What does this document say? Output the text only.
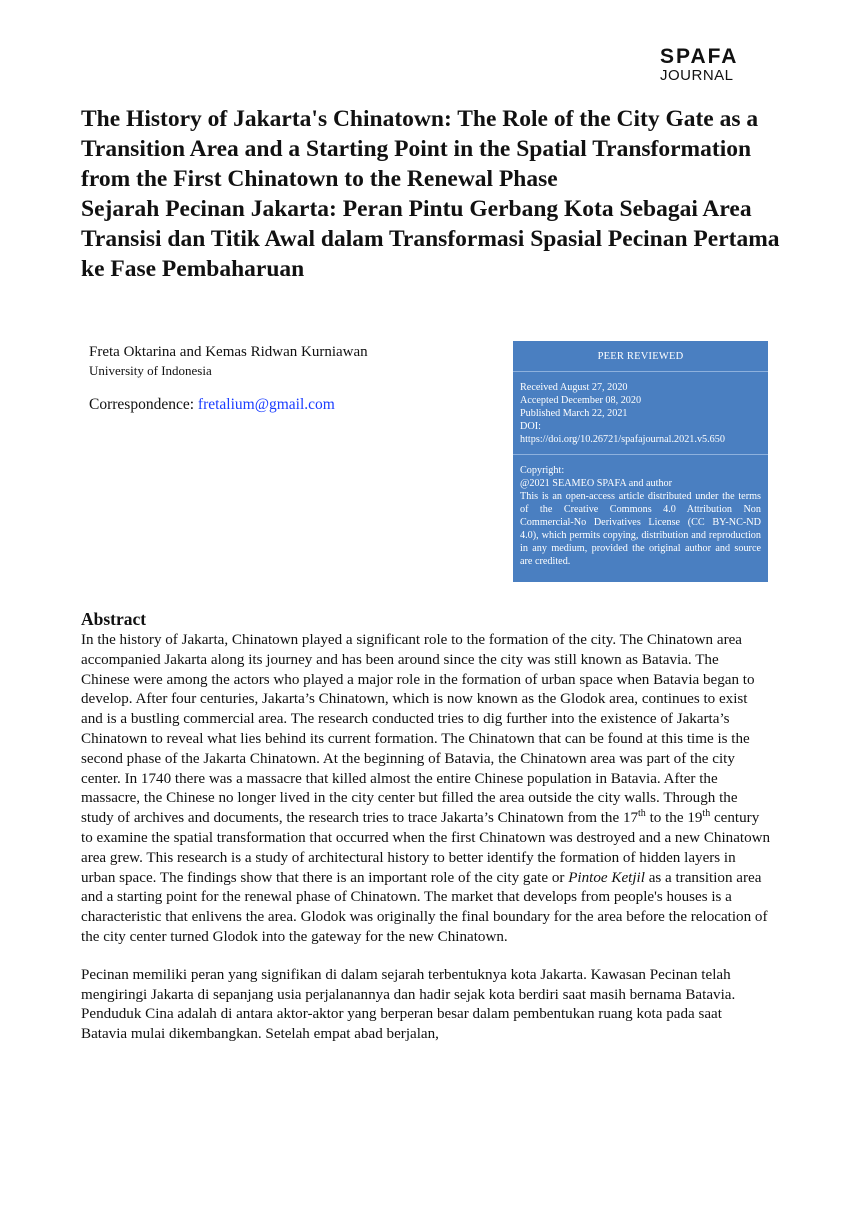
SPAFA
JOURNAL
The History of Jakarta's Chinatown: The Role of the City Gate as a Transition Area and a Starting Point in the Spatial Transformation from the First Chinatown to the Renewal Phase
Sejarah Pecinan Jakarta: Peran Pintu Gerbang Kota Sebagai Area Transisi dan Titik Awal dalam Transformasi Spasial Pecinan Pertama ke Fase Pembaharuan
Freta Oktarina and Kemas Ridwan Kurniawan
University of Indonesia
Correspondence: fretalium@gmail.com
PEER REVIEWED
Received August 27, 2020
Accepted December 08, 2020
Published March 22, 2021
DOI:
https://doi.org/10.26721/spafajournal.2021.v5.650
Copyright:
@2021 SEAMEO SPAFA and author
This is an open-access article distributed under the terms of the Creative Commons 4.0 Attribution Non Commercial-No Derivatives License (CC BY-NC-ND 4.0), which permits copying, distribution and reproduction in any medium, provided the original author and source are credited.
Abstract

In the history of Jakarta, Chinatown played a significant role to the formation of the city. The Chinatown area accompanied Jakarta along its journey and has been around since the city was still known as Batavia. The Chinese were among the actors who played a major role in the formation of urban space when Batavia began to develop. After four centuries, Jakarta’s Chinatown, which is now known as the Glodok area, continues to exist and is a bustling commercial area. The research conducted tries to dig further into the existence of Jakarta’s Chinatown to reveal what lies behind its current formation. The Chinatown that can be found at this time is the second phase of the Jakarta Chinatown. At the beginning of Batavia, the Chinatown area was part of the city center. In 1740 there was a massacre that killed almost the entire Chinese population in Batavia. After the massacre, the Chinese no longer lived in the city center but filled the area outside the city walls. Through the study of archives and documents, the research tries to trace Jakarta’s Chinatown from the 17th to the 19th century to examine the spatial transformation that occurred when the first Chinatown was destroyed and a new Chinatown area grew. This research is a study of architectural history to better identify the formation of hidden layers in urban space. The findings show that there is an important role of the city gate or Pintoe Ketjil as a transition area and a starting point for the renewal phase of Chinatown. The market that develops from people's houses is a characteristic that enlivens the area. Glodok was originally the final boundary for the area before the relocation of the city center turned Glodok into the gateway for the new Chinatown.

Pecinan memiliki peran yang signifikan di dalam sejarah terbentuknya kota Jakarta. Kawasan Pecinan telah mengiringi Jakarta di sepanjang usia perjalanannya dan hadir sejak kota berdiri saat masih bernama Batavia. Penduduk Cina adalah di antara aktor-aktor yang berperan besar dalam pembentukan ruang kota pada saat Batavia mulai dikembangkan. Setelah empat abad berjalan,
